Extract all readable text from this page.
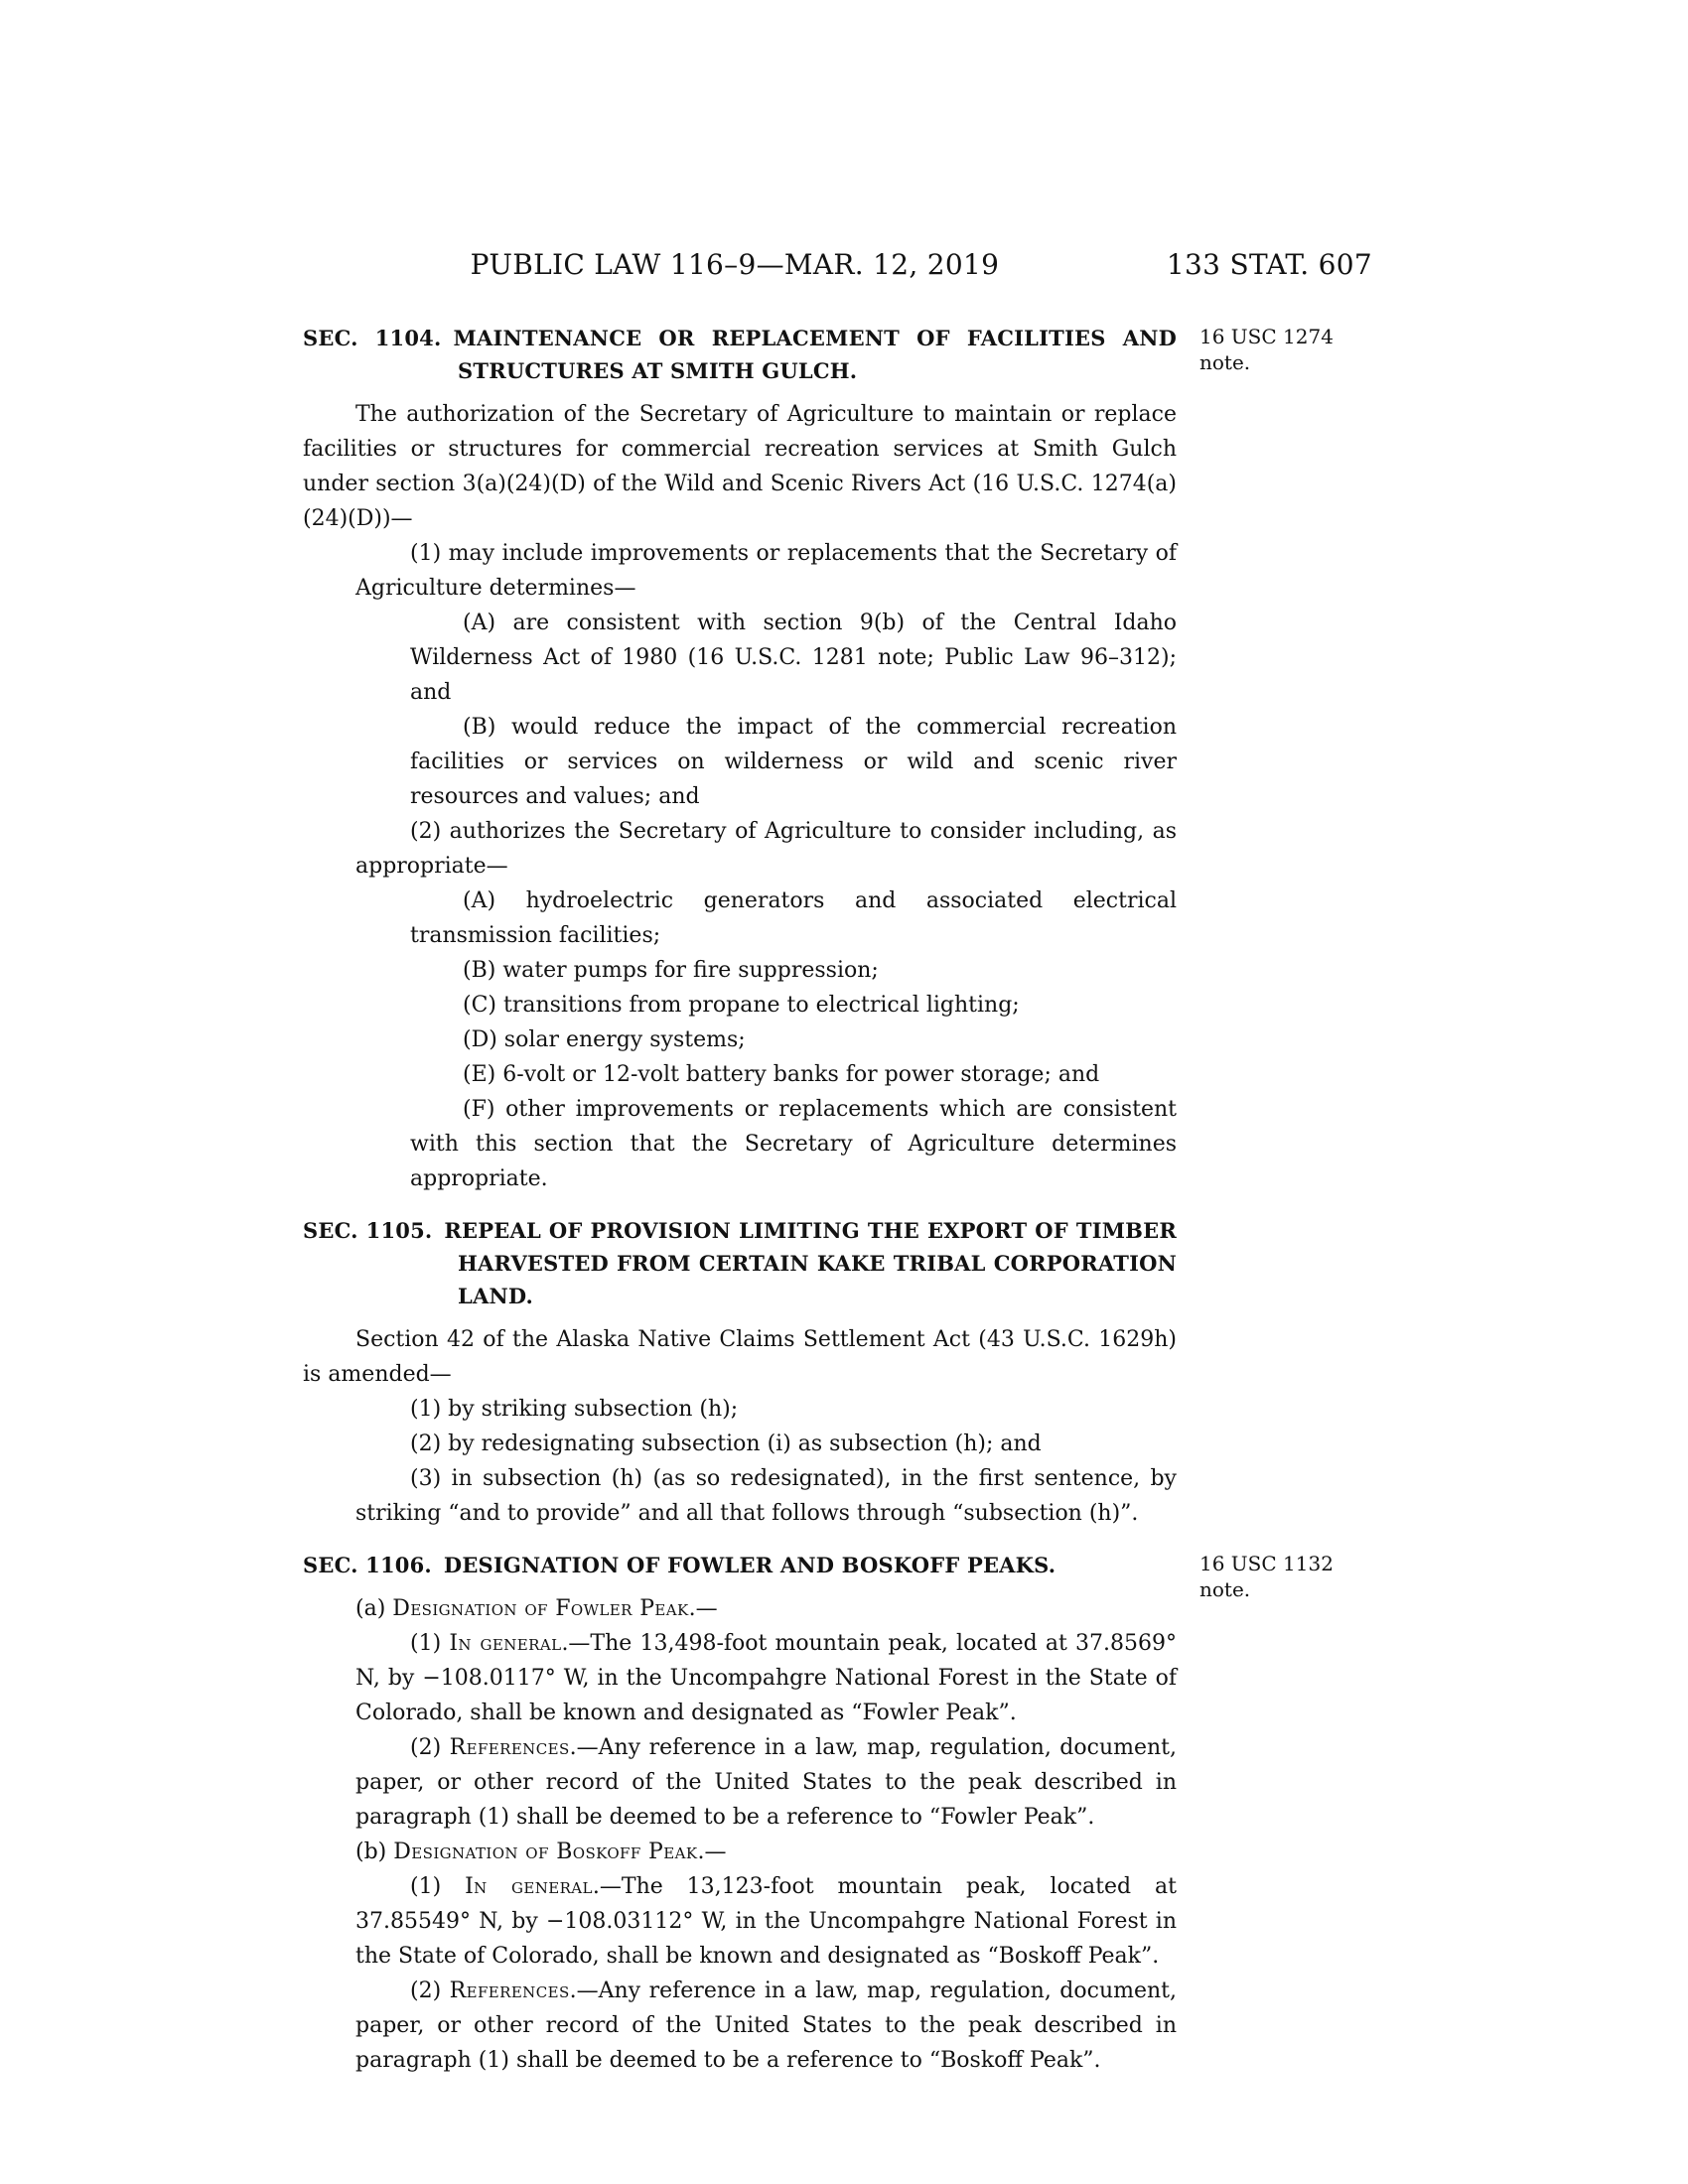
PUBLIC LAW 116–9—MAR. 12, 2019	133 STAT. 607
16 USC 1274 note.
SEC. 1104. MAINTENANCE OR REPLACEMENT OF FACILITIES AND STRUCTURES AT SMITH GULCH.

The authorization of the Secretary of Agriculture to maintain or replace facilities or structures for commercial recreation services at Smith Gulch under section 3(a)(24)(D) of the Wild and Scenic Rivers Act (16 U.S.C. 1274(a)(24)(D))—

(1) may include improvements or replacements that the Secretary of Agriculture determines—

(A) are consistent with section 9(b) of the Central Idaho Wilderness Act of 1980 (16 U.S.C. 1281 note; Public Law 96–312); and

(B) would reduce the impact of the commercial recreation facilities or services on wilderness or wild and scenic river resources and values; and

(2) authorizes the Secretary of Agriculture to consider including, as appropriate—

(A) hydroelectric generators and associated electrical transmission facilities;

(B) water pumps for fire suppression;

(C) transitions from propane to electrical lighting;

(D) solar energy systems;

(E) 6-volt or 12-volt battery banks for power storage; and

(F) other improvements or replacements which are consistent with this section that the Secretary of Agriculture determines appropriate.

SEC. 1105. REPEAL OF PROVISION LIMITING THE EXPORT OF TIMBER HARVESTED FROM CERTAIN KAKE TRIBAL CORPORATION LAND.

Section 42 of the Alaska Native Claims Settlement Act (43 U.S.C. 1629h) is amended—

(1) by striking subsection (h);

(2) by redesignating subsection (i) as subsection (h); and

(3) in subsection (h) (as so redesignated), in the first sentence, by striking “and to provide” and all that follows through “subsection (h)”.

16 USC 1132 note.
SEC. 1106. DESIGNATION OF FOWLER AND BOSKOFF PEAKS.

(a) Designation of Fowler Peak.—

(1) In general.—The 13,498-foot mountain peak, located at 37.8569° N, by −108.0117° W, in the Uncompahgre National Forest in the State of Colorado, shall be known and designated as “Fowler Peak”.

(2) References.—Any reference in a law, map, regulation, document, paper, or other record of the United States to the peak described in paragraph (1) shall be deemed to be a reference to “Fowler Peak”.

(b) Designation of Boskoff Peak.—

(1) In general.—The 13,123-foot mountain peak, located at 37.85549° N, by −108.03112° W, in the Uncompahgre National Forest in the State of Colorado, shall be known and designated as “Boskoff Peak”.

(2) References.—Any reference in a law, map, regulation, document, paper, or other record of the United States to the peak described in paragraph (1) shall be deemed to be a reference to “Boskoff Peak”.
